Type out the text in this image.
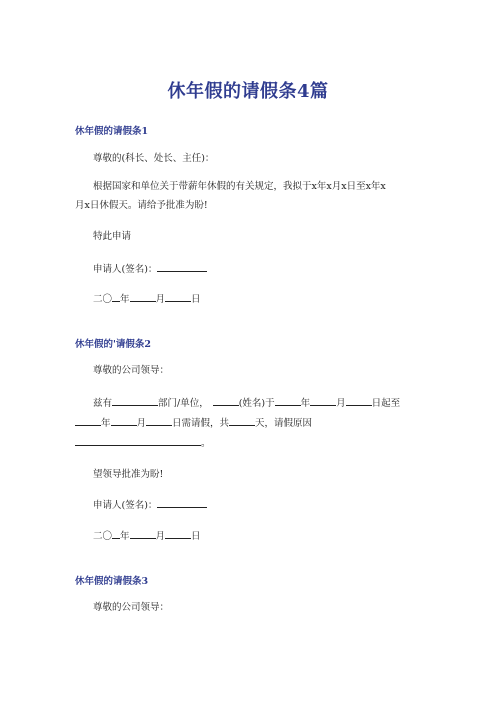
休年假的请假条4篇
休年假的请假条1
尊敬的(科长、处长、主任)：
根据国家和单位关于带薪年休假的有关规定，我拟于x年x月x日至x年x
月x日休假天。请给予批准为盼!
特此申请
申请人(签名)：
二〇 年	月	日
休年假的'请假条2
尊敬的公司领导：
兹有	部门/单位，	(姓名)于	年	月	日起至
年	月	日需请假，共	天，请假原因
。
望领导批准为盼!
申请人(签名)：
二〇 年	月	日
休年假的请假条3
尊敬的公司领导：
